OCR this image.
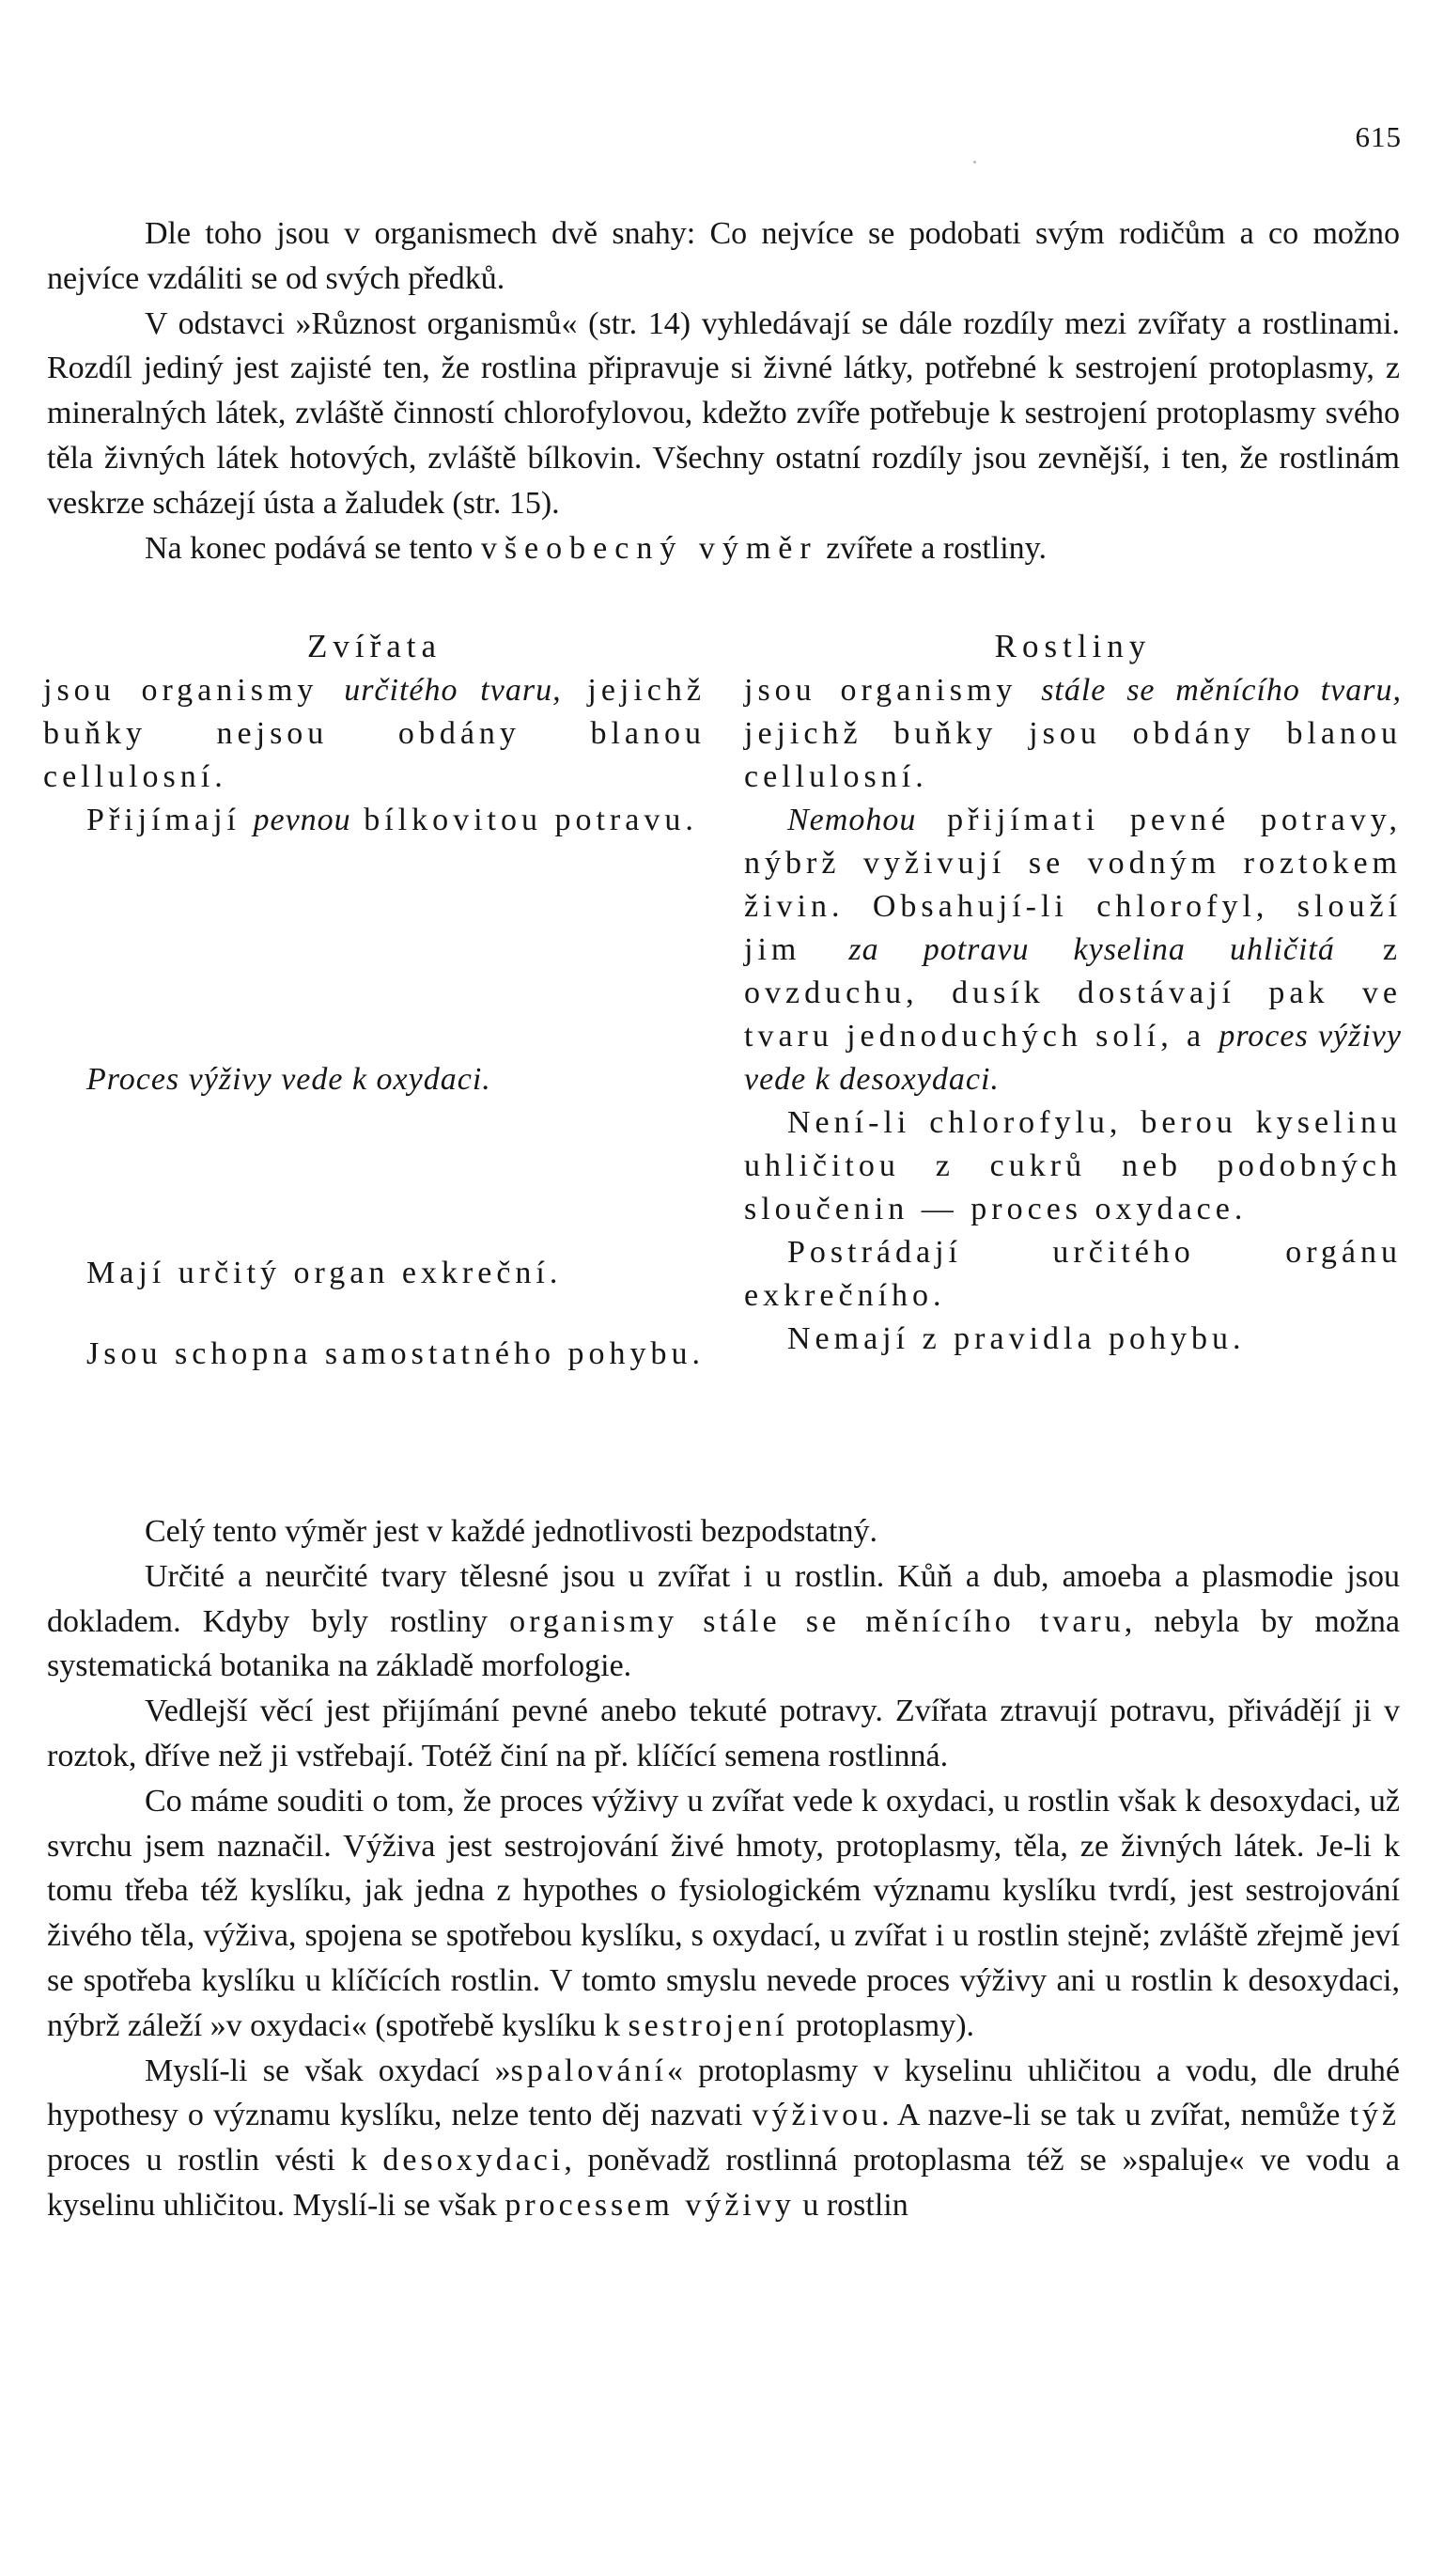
615

Dle toho jsou v organismech dvě snahy: Co nejvíce se podobati svým rodičům a co možno nejvíce vzdáliti se od svých předků.

V odstavci »Různost organismů« (str. 14) vyhledávají se dále rozdíly mezi zvířaty a rostlinami. Rozdíl jediný jest zajisté ten, že rostlina připravuje si živné látky, potřebné k sestrojení protoplasmy, z mineralných látek, zvláště činností chlorofylovou, kdežto zvíře potřebuje k sestrojení protoplasmy svého těla živných látek hotových, zvláště bílkovin. Všechny ostatní rozdíly jsou zevnější, i ten, že rostlinám veskrze scházejí ústa a žaludek (str. 15).

Na konec podává se tento všeobecný výměr zvířete a rostliny.

Zvířata

jsou organismy určitého tvaru, jejichž buňky nejsou obdány blanou cellulosní.

Přijímají pevnou bílkovitou potravu.

Proces výživy vede k oxydaci.

Mají určitý organ exkreční.

Jsou schopna samostatného pohybu.

Rostliny

jsou organismy stále se měnícího tvaru, jejichž buňky jsou obdány blanou cellulosní.

Nemohou přijímati pevné potravy, nýbrž vyživují se vodným roztokem živin. Obsahují-li chlorofyl, slouží jim za potravu kyselina uhličitá z ovzduchu, dusík dostávají pak ve tvaru jednoduchých solí, a proces výživy vede k desoxydaci.

Není-li chlorofylu, berou kyselinu uhličitou z cukrů neb podobných sloučenin — proces oxydace.

Postrádají určitého orgánu exkrečního.

Nemají z pravidla pohybu.

Celý tento výměr jest v každé jednotlivosti bezpodstatný.

Určité a neurčité tvary tělesné jsou u zvířat i u rostlin. Kůň a dub, amoeba a plasmodie jsou dokladem. Kdyby byly rostliny organismy stále se měnícího tvaru, nebyla by možna systematická botanika na základě morfologie.

Vedlejší věcí jest přijímání pevné anebo tekuté potravy. Zvířata ztravují potravu, přiváděјí ji v roztok, dříve než ji vstřebají. Totéž činí na př. klíčící semena rostlinná.

Co máme souditi o tom, že proces výživy u zvířat vede k oxydaci, u rostlin však k desoxydaci, už svrchu jsem naznačil. Výživa jest sestrojování živé hmoty, protoplasmy, těla, ze živných látek. Je-li k tomu třeba též kyslíku, jak jedna z hypothes o fysiologickém významu kyslíku tvrdí, jest sestrojování živého těla, výživa, spojena se spotřebou kyslíku, s oxydací, u zvířat i u rostlin stejně; zvláště zřejmě jeví se spotřeba kyslíku u klíčících rostlin. V tomto smyslu nevede proces výživy ani u rostlin k desoxydaci, nýbrž záleží »v oxydaci« (spotřebě kyslíku k sestrojení protoplasmy).

Myslí-li se však oxydací »spalování« protoplasmy v kyselinu uhličitou a vodu, dle druhé hypothesy o významu kyslíku, nelze tento děj nazvati výživou. A nazve-li se tak u zvířat, nemůže týž proces u rostlin vésti k desoxydaci, poněvadž rostlinná protoplasma též se »spaluje« ve vodu a kyselinu uhličitou. Myslí-li se však processem výživy u rostlin
